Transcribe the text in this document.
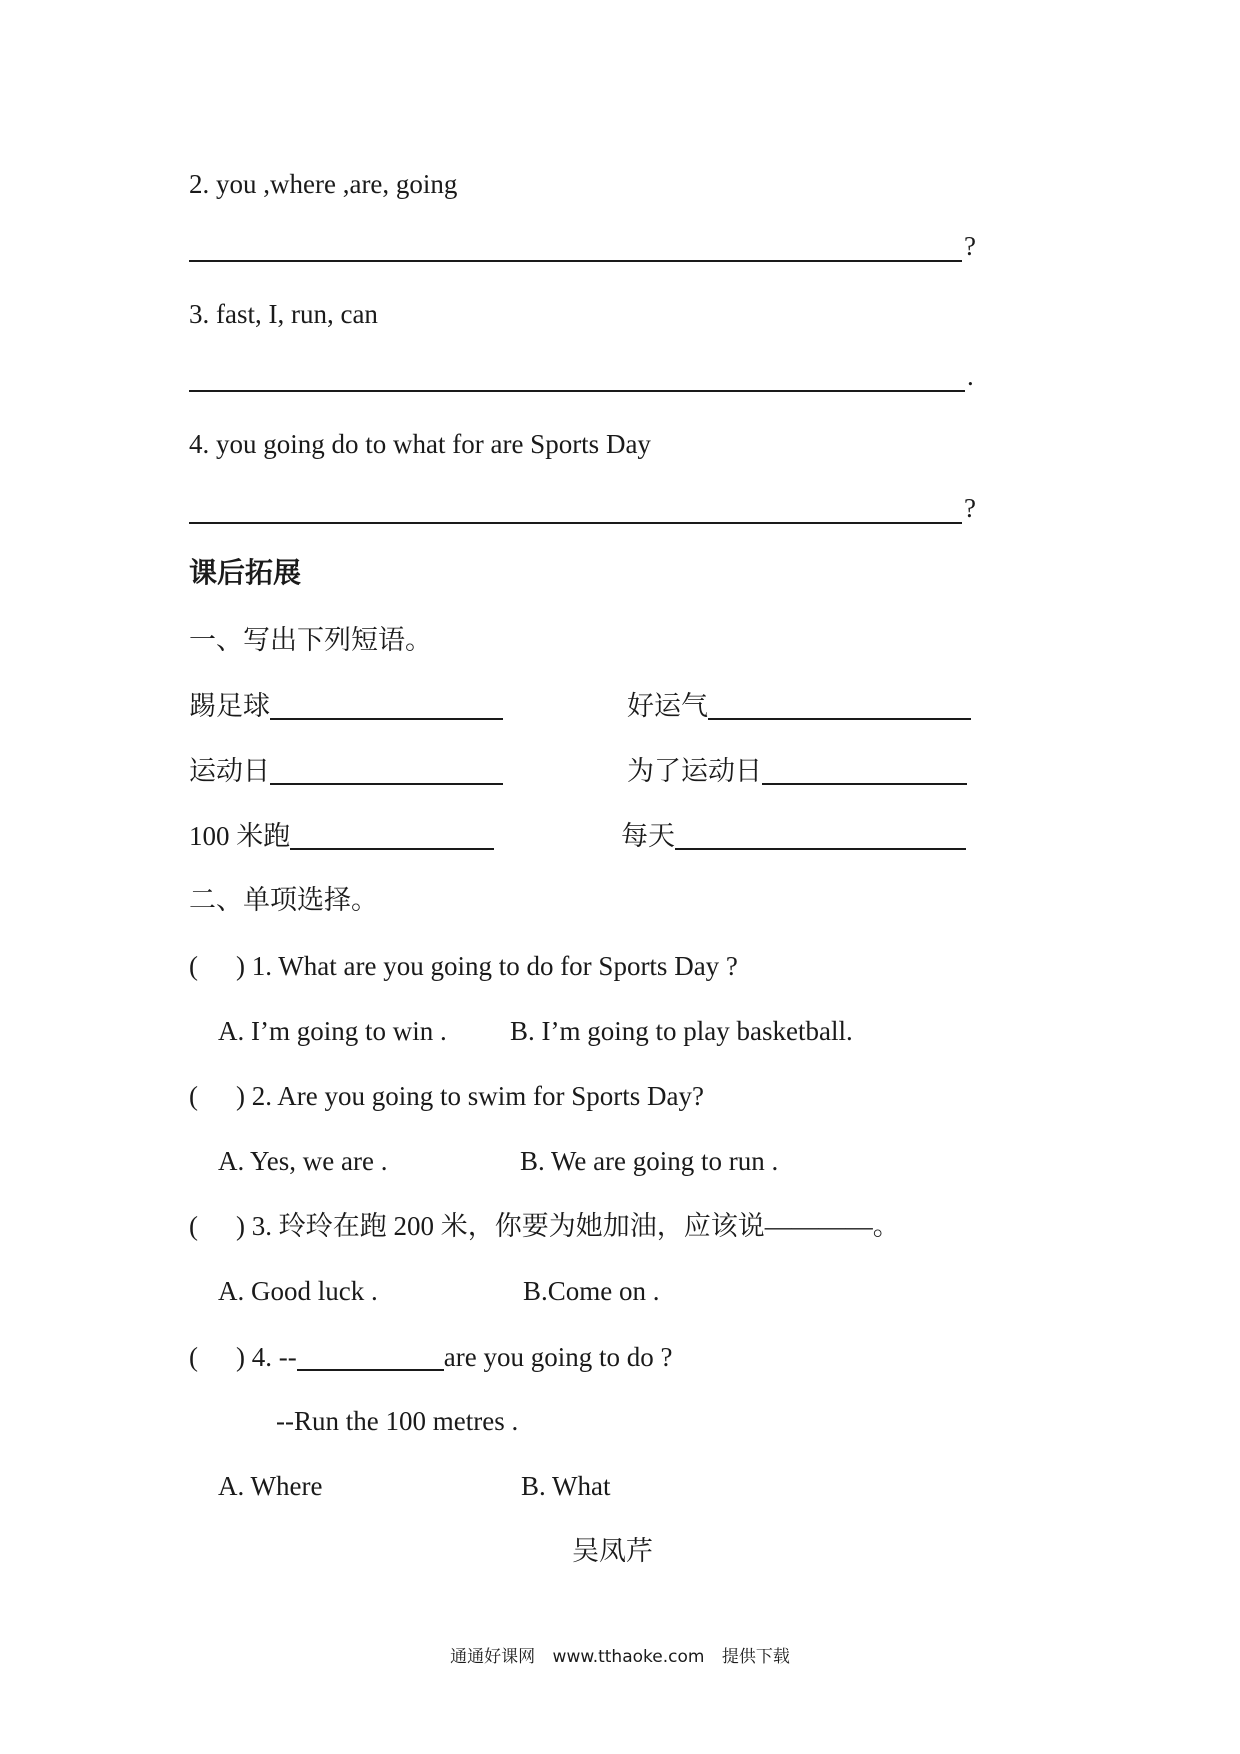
2. you ,where ,are, going
?
3. fast, I, run, can
.
4. you going do to what for are Sports Day
?
课后拓展
一、写出下列短语。
踢足球	好运气
运动日	为了运动日
100 米跑	每天
二、单项选择。
( ) 1. What are you going to do for Sports Day ?
A. I’m going to win . B. I’m going to play basketball.
( ) 2. Are you going to swim for Sports Day?
A. Yes, we are .	B. We are going to run .
( ) 3. 玲玲在跑 200 米，你要为她加油，应该说————。
A. Good luck .	B.Come on .
( ) 4. --	are you going to do ?
--Run the 100 metres .
A. Where	B. What
吴凤芹
通通好课网 www.tthaoke.com 提供下载
